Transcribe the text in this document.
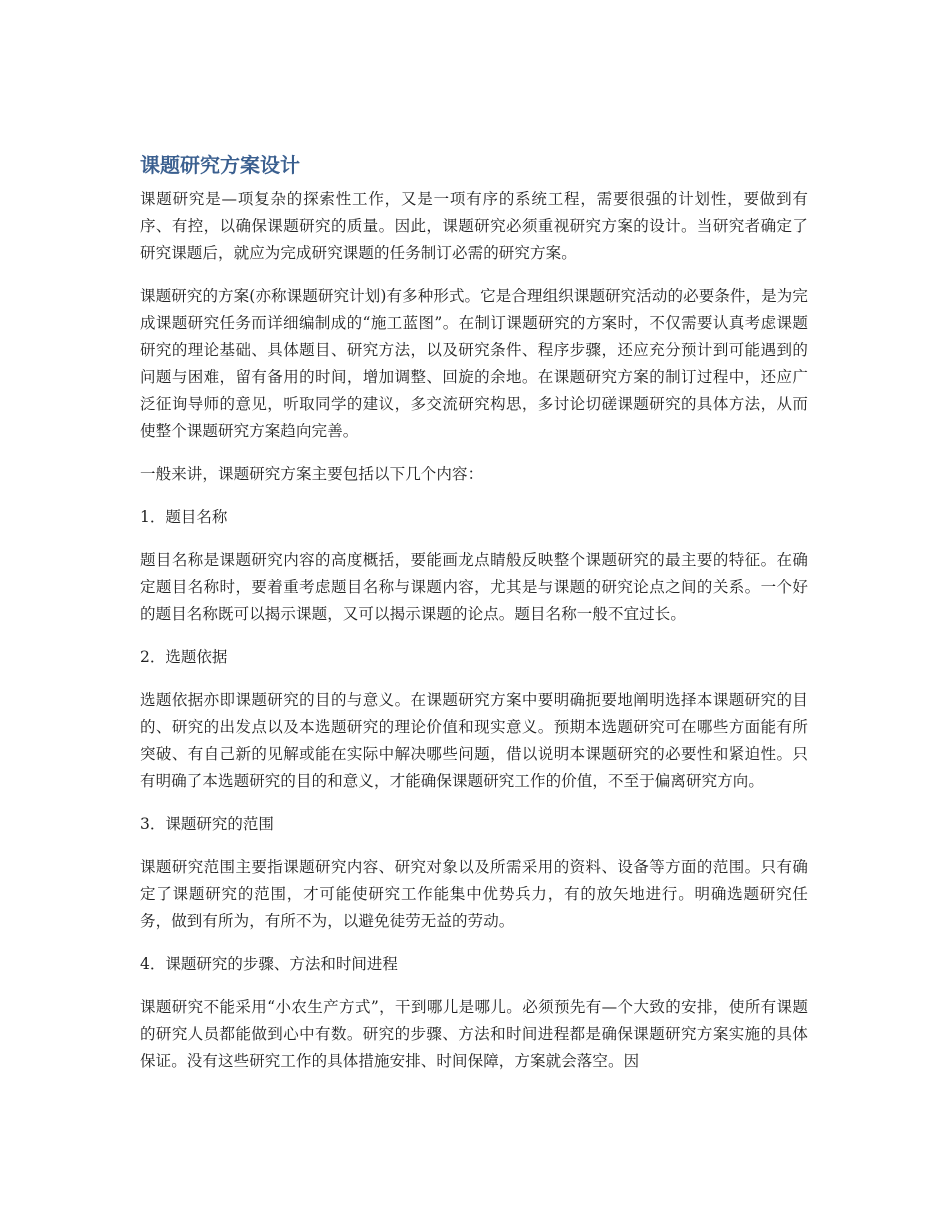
课题研究方案设计

课题研究是—项复杂的探索性工作，又是一项有序的系统工程，需要很强的计划性，要做到有序、有控，以确保课题研究的质量。因此，课题研究必须重视研究方案的设计。当研究者确定了研究课题后，就应为完成研究课题的任务制订必需的研究方案。

课题研究的方案(亦称课题研究计划)有多种形式。它是合理组织课题研究活动的必要条件，是为完成课题研究任务而详细编制成的“施工蓝图”。在制订课题研究的方案时，不仅需要认真考虑课题研究的理论基础、具体题目、研究方法，以及研究条件、程序步骤，还应充分预计到可能遇到的问题与困难，留有备用的时间，增加调整、回旋的余地。在课题研究方案的制订过程中，还应广泛征询导师的意见，听取同学的建议，多交流研究构思，多讨论切磋课题研究的具体方法，从而使整个课题研究方案趋向完善。

一般来讲，课题研究方案主要包括以下几个内容：

1．题目名称

题目名称是课题研究内容的高度概括，要能画龙点睛般反映整个课题研究的最主要的特征。在确定题目名称时，要着重考虑题目名称与课题内容，尤其是与课题的研究论点之间的关系。一个好的题目名称既可以揭示课题，又可以揭示课题的论点。题目名称一般不宜过长。

2．选题依据

选题依据亦即课题研究的目的与意义。在课题研究方案中要明确扼要地阐明选择本课题研究的目的、研究的出发点以及本选题研究的理论价值和现实意义。预期本选题研究可在哪些方面能有所突破、有自己新的见解或能在实际中解决哪些问题，借以说明本课题研究的必要性和紧迫性。只有明确了本选题研究的目的和意义，才能确保课题研究工作的价值，不至于偏离研究方向。

3．课题研究的范围

课题研究范围主要指课题研究内容、研究对象以及所需采用的资料、设备等方面的范围。只有确定了课题研究的范围，才可能使研究工作能集中优势兵力，有的放矢地进行。明确选题研究任务，做到有所为，有所不为，以避免徒劳无益的劳动。

4．课题研究的步骤、方法和时间进程

课题研究不能采用“小农生产方式”，干到哪儿是哪儿。必须预先有—个大致的安排，使所有课题的研究人员都能做到心中有数。研究的步骤、方法和时间进程都是确保课题研究方案实施的具体保证。没有这些研究工作的具体措施安排、时间保障，方案就会落空。因
